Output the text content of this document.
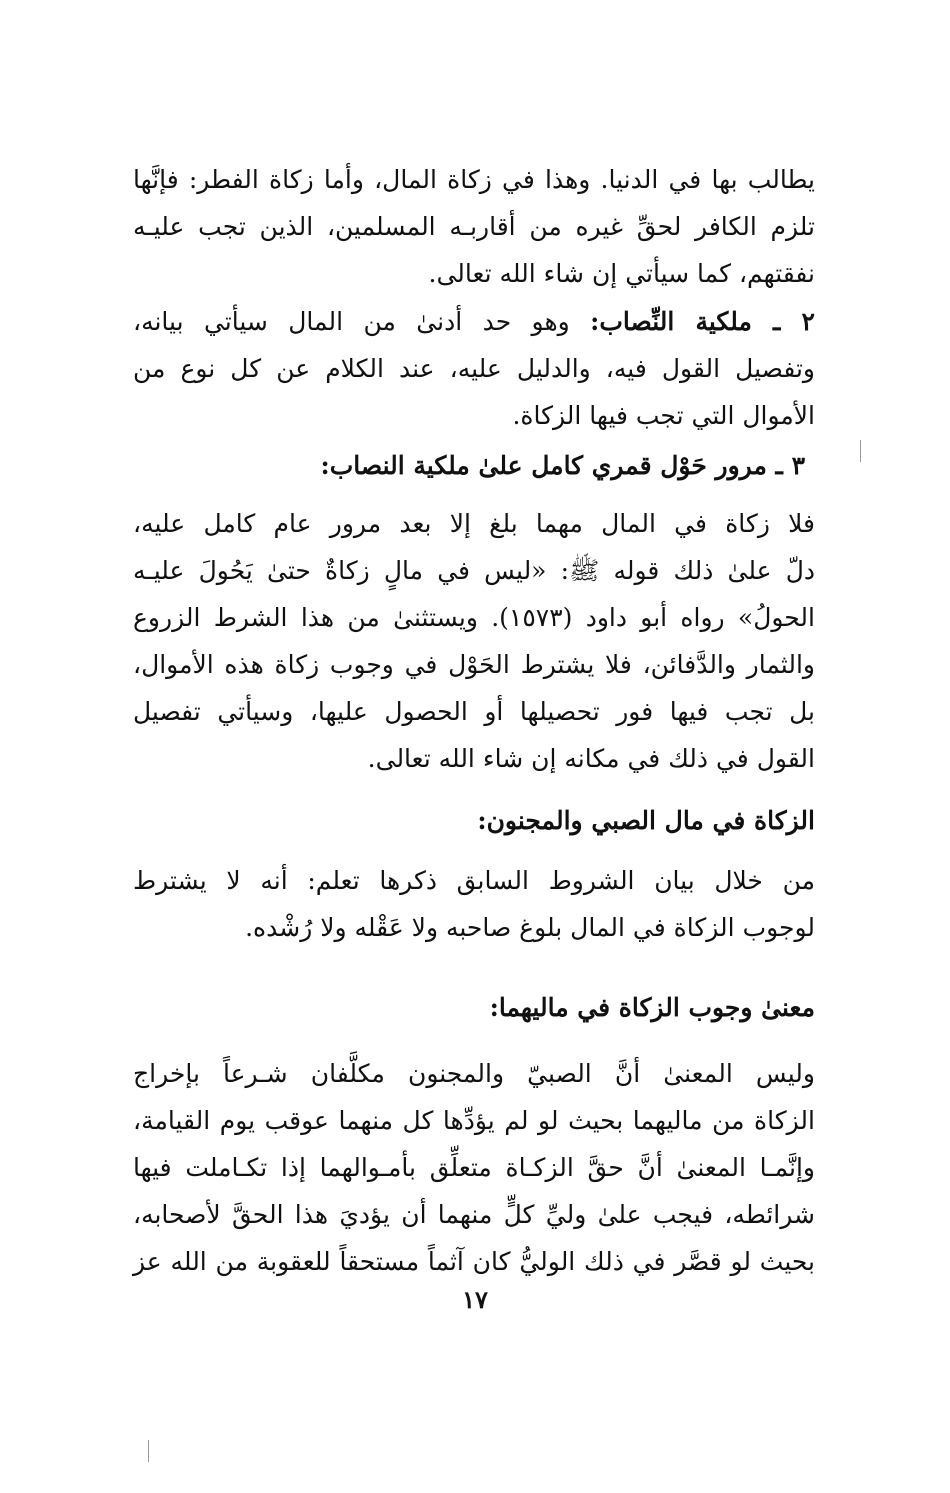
يطالب بها في الدنيا. وهذا في زكاة المال، وأما زكاة الفطر: فإنَّها
تلزم الكافر لحقِّ غيره من أقاربـه المسلمين، الذين تجب عليـه
نفقتهم، كما سيأتي إن شاء الله تعالى.
٢ ـ ملكية النِّصاب: وهو حد أدنىٰ من المال سيأتي بيانه،
وتفصيل القول فيه، والدليل عليه، عند الكلام عن كل نوع من
الأموال التي تجب فيها الزكاة.
٣ ـ مرور حَوْل قمري كامل علىٰ ملكية النصاب:
فلا زكاة في المال مهما بلغ إلا بعد مرور عام كامل عليه،
دلّ علىٰ ذلك قوله ﷺ: «ليس في مالٍ زكاةٌ حتىٰ يَحُولَ عليـه
الحولُ» رواه أبو داود (١٥٧٣). ويستثنىٰ من هذا الشرط الزروع
والثمار والدَّفائن، فلا يشترط الحَوْل في وجوب زكاة هذه الأموال،
بل تجب فيها فور تحصيلها أو الحصول عليها، وسيأتي تفصيل
القول في ذلك في مكانه إن شاء الله تعالى.
الزكاة في مال الصبي والمجنون:
من خلال بيان الشروط السابق ذكرها تعلم: أنه لا يشترط
لوجوب الزكاة في المال بلوغ صاحبه ولا عَقْله ولا رُشْده.
معنىٰ وجوب الزكاة في ماليهما:
وليس المعنىٰ أنَّ الصبيّ والمجنون مكلَّفان شـرعاً بإخراج
الزكاة من ماليهما بحيث لو لم يؤدِّها كل منهما عوقب يوم القيامة،
وإنَّمـا المعنىٰ أنَّ حقَّ الزكـاة متعلِّق بأمـوالهما إذا تكـاملت فيها
شرائطه، فيجب علىٰ وليِّ كلٍّ منهما أن يؤديَ هذا الحقَّ لأصحابه،
بحيث لو قصَّر في ذلك الوليُّ كان آثماً مستحقاً للعقوبة من الله عز
١٧
